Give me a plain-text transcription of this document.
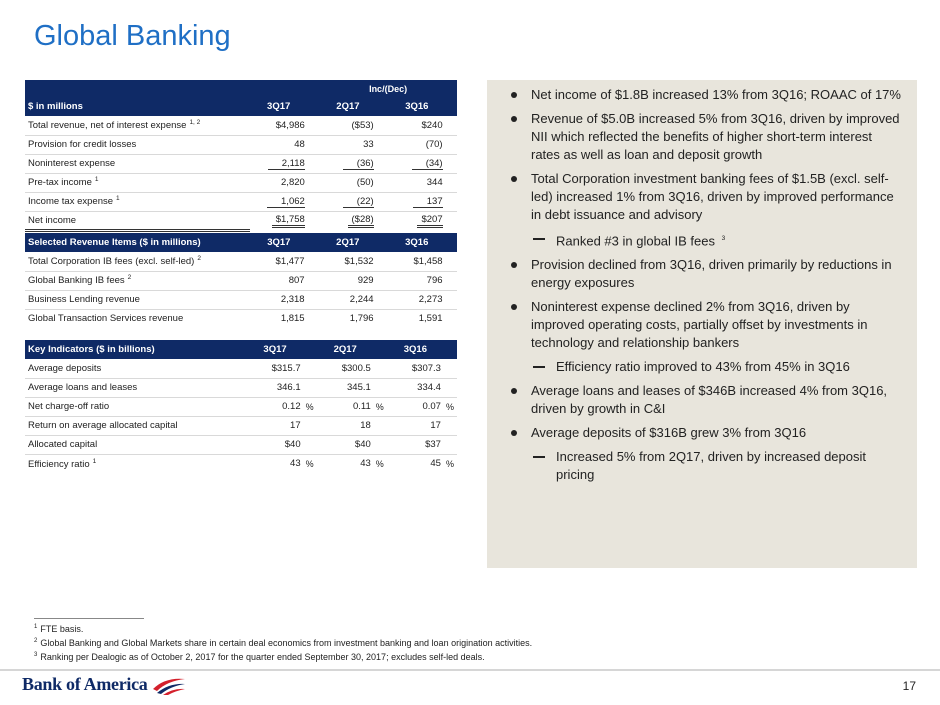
Global Banking
			Inc/(Dec)			
$ in millions	3Q17		2Q17		3Q16	
Total revenue, net of interest expense $^{1, 2}$	$4,986		($53)		$240	
Provision for credit losses	48		33		(70)	
Noninterest expense	2,118		(36)		(34)	
Pre-tax income $^1$	2,820		(50)		344	
Income tax expense $^1$	1,062		(22)		137	
Net income	$1,758		($28)		$207	
Selected Revenue Items ($ in millions)	3Q17		2Q17		3Q16	
Total Corporation IB fees (excl. self-led) $^2$	$1,477		$1,532		$1,458	
Global Banking IB fees $^2$	807		929		796	
Business Lending revenue	2,318		2,244		2,273	
Global Transaction Services revenue	1,815		1,796		1,591	
Key Indicators ($ in billions)	3Q17		2Q17		3Q16	
Average deposits	$315.7		$300.5		$307.3	
Average loans and leases	346.1		345.1		334.4	
Net charge-off ratio	0.12	%	0.11	%	0.07	%
Return on average allocated capital	17		18		17	
Allocated capital	$40		$40		$37	
Efficiency ratio $^1$	43	%	43	%	45	%
Net income of $1.8B increased 13% from 3Q16; ROAAC of 17%
Revenue of $5.0B increased 5% from 3Q16, driven by improved NII which reflected the benefits of higher short-term interest rates as well as loan and deposit growth
Total Corporation investment banking fees of $1.5B (excl. self-led) increased 1% from 3Q16, driven by improved performance in debt issuance and advisory
Ranked #3 in global IB fees $^3$
Provision declined from 3Q16, driven primarily by reductions in energy exposures
Noninterest expense declined 2% from 3Q16, driven by improved operating costs, partially offset by investments in technology and relationship bankers
Efficiency ratio improved to 43% from 45% in 3Q16
Average loans and leases of $346B increased 4% from 3Q16, driven by growth in C&I
Average deposits of $316B grew 3% from 3Q16
Increased 5% from 2Q17, driven by increased deposit pricing
$^1$ FTE basis.
$^2$ Global Banking and Global Markets share in certain deal economics from investment banking and loan origination activities.
$^3$ Ranking per Dealogic as of October 2, 2017 for the quarter ended September 30, 2017; excludes self-led deals.
Bank of America	17
